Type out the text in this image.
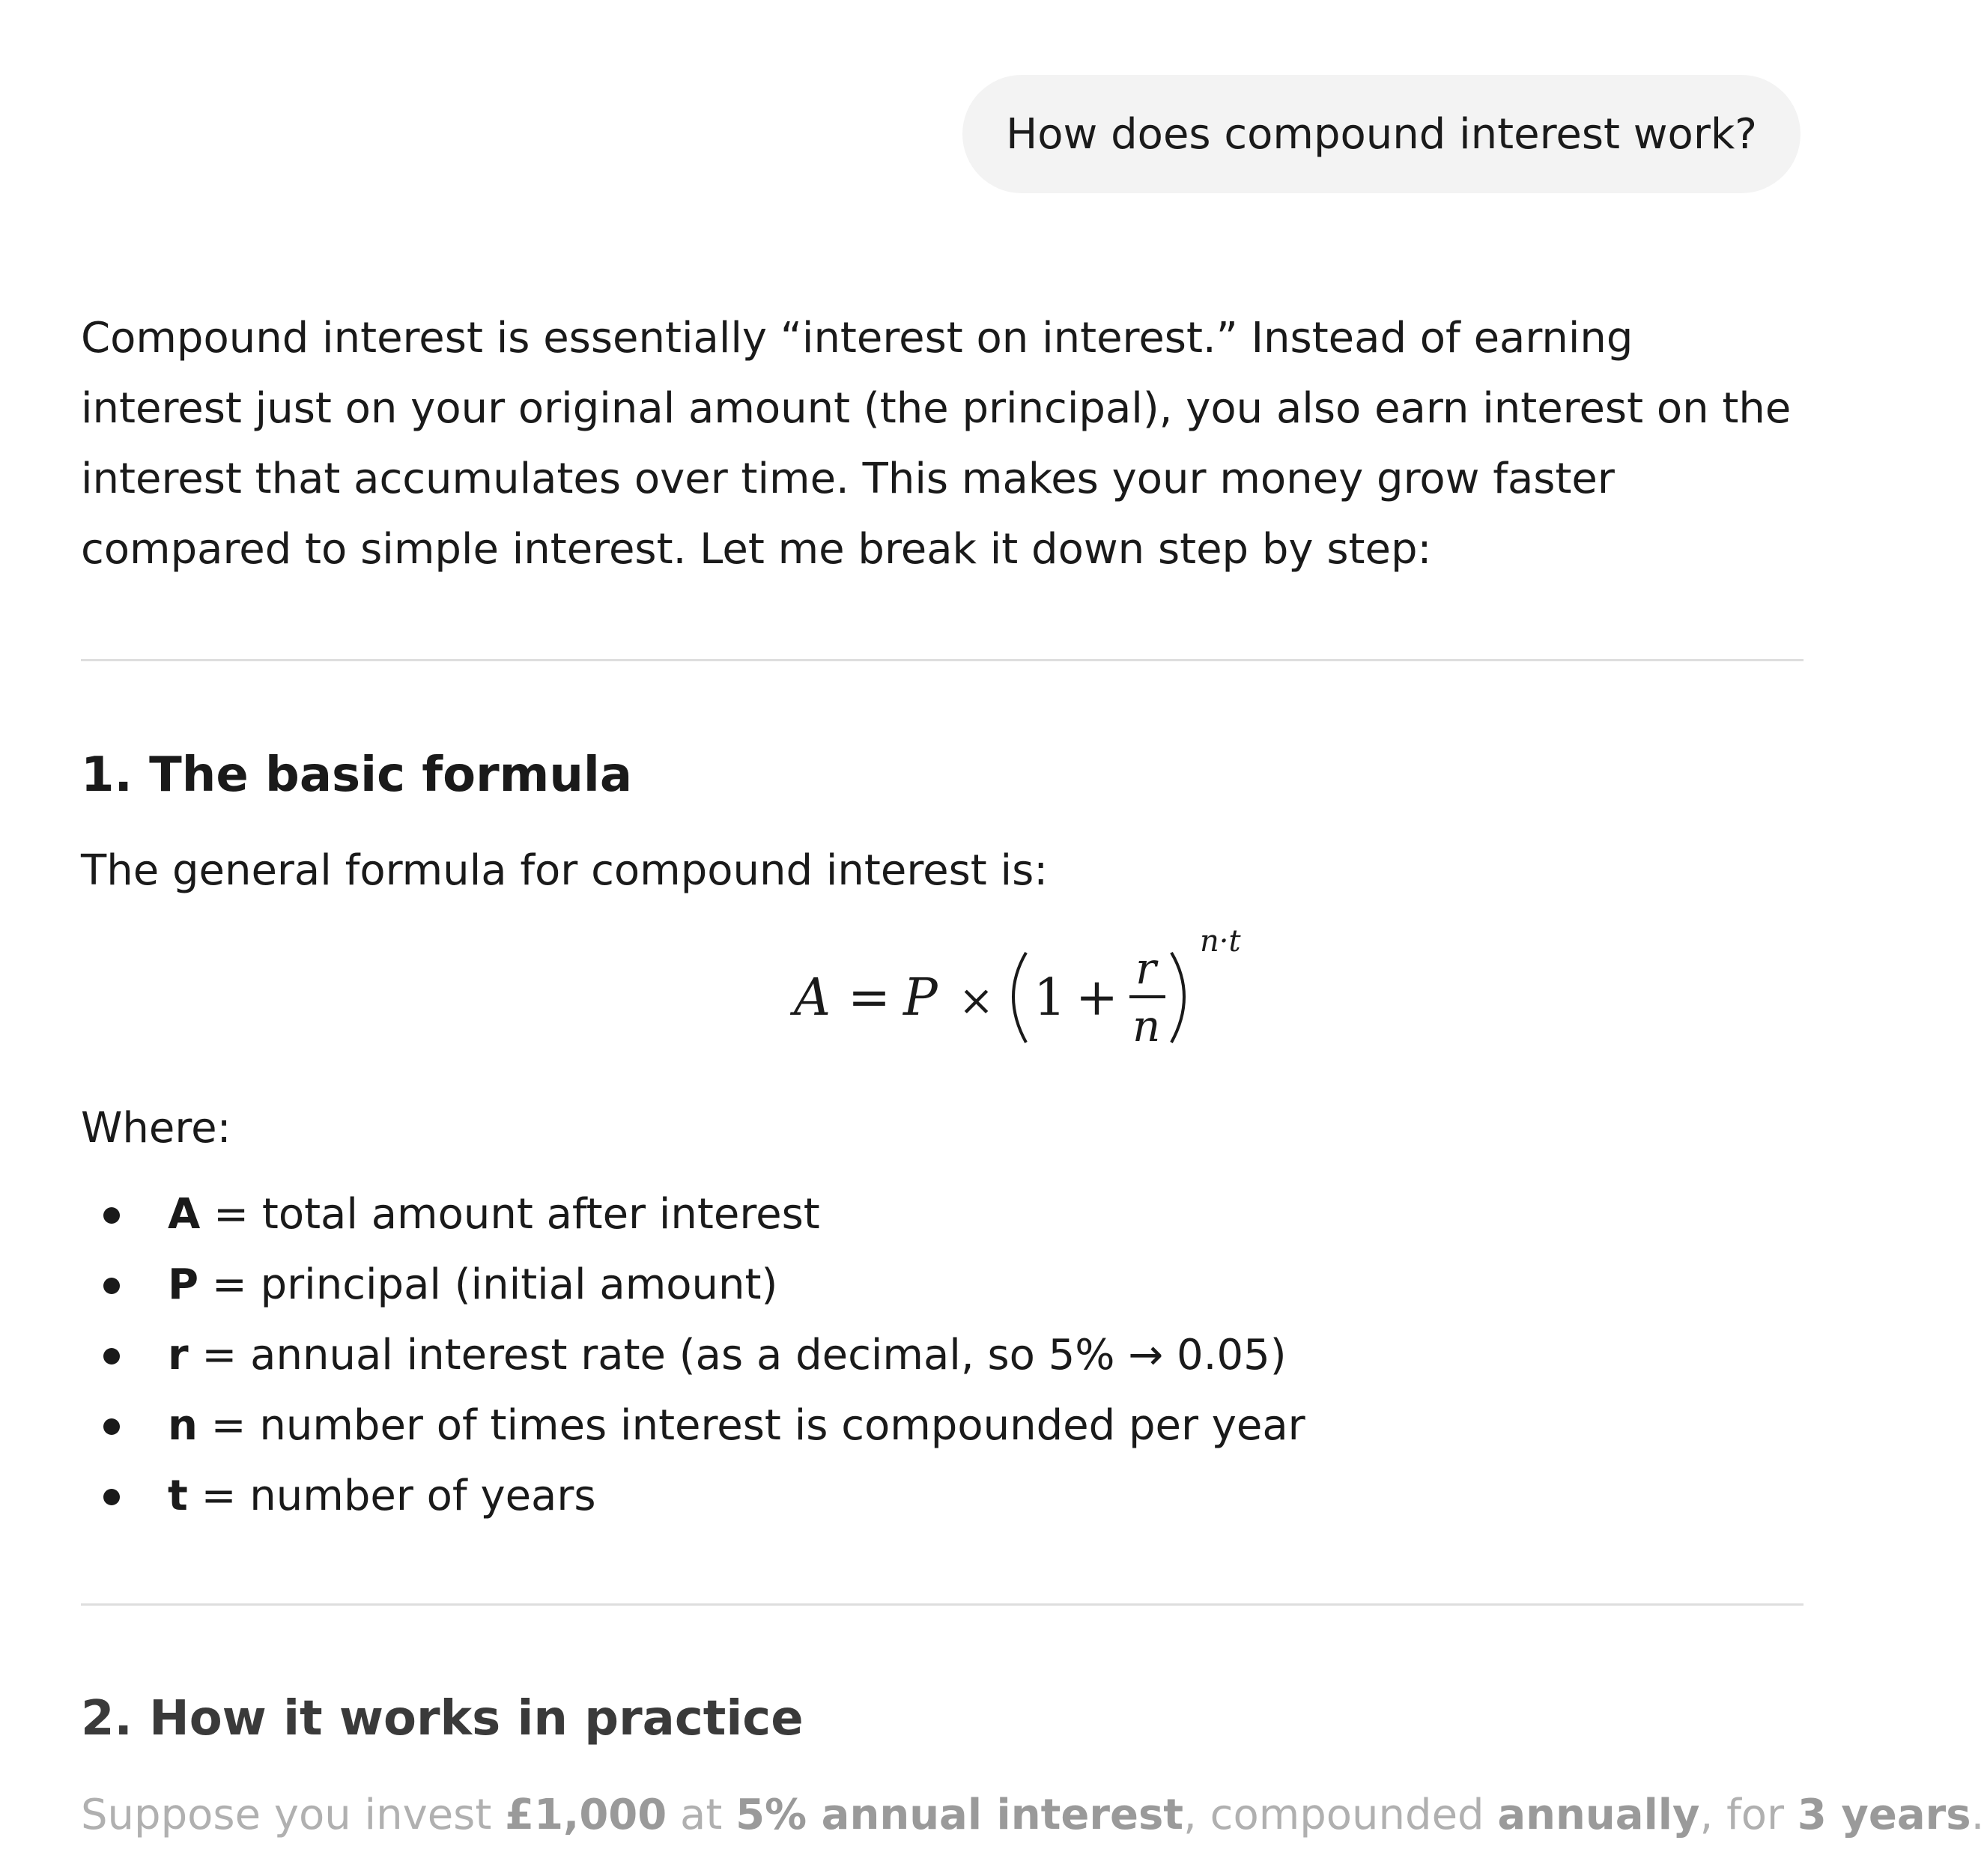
How does compound interest work?

Compound interest is essentially “interest on interest.” Instead of earning interest just on your original amount (the principal), you also earn interest on the interest that accumulates over time. This makes your money grow faster compared to simple interest. Let me break it down step by step:

1. The basic formula

The general formula for compound interest is:

A = P × 1 + r
n
n·t

Where:

A = total amount after interest
P = principal (initial amount)
r = annual interest rate (as a decimal, so 5% → 0.05)
n = number of times interest is compounded per year
t = number of years
2. How it works in practice

Suppose you invest £1,000 at 5% annual interest, compounded annually, for 3 years.
